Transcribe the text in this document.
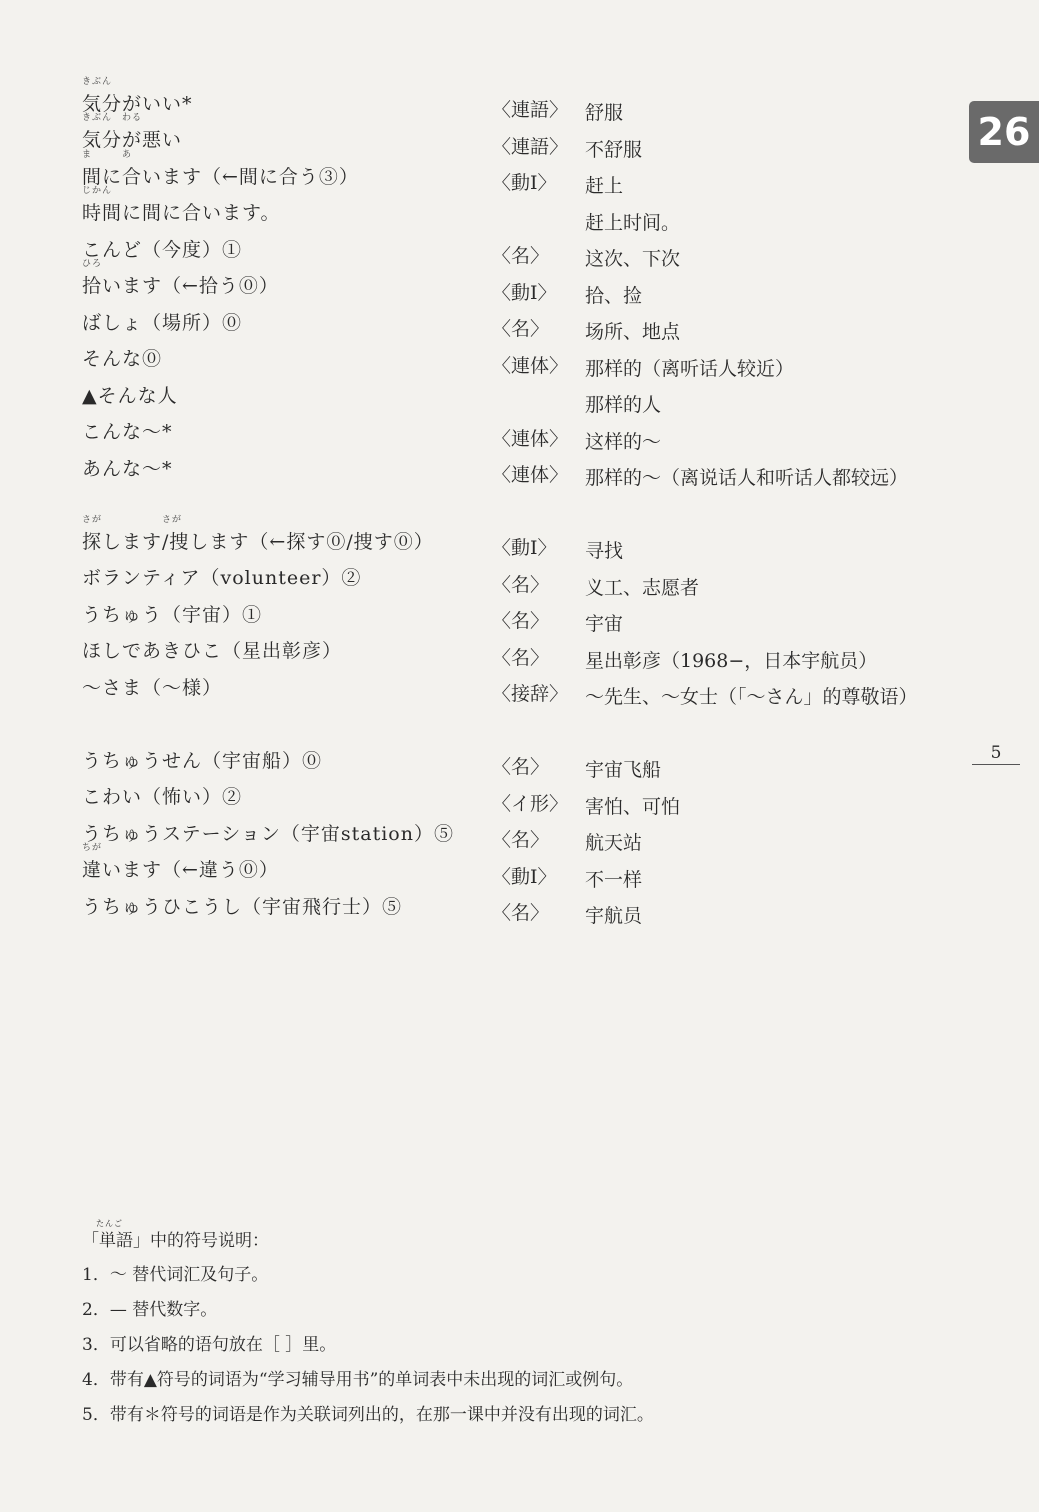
26
きぶん
気分がいい*	〈連語〉 舒服
きぶん　わる
気分が悪い	〈連語〉 不舒服
ま　　　あ
間に合います（←間に合う③）	〈動Ⅰ〉 赶上
じかん
時間に間に合います。	赶上时间。
こんど（今度）①	〈名〉 这次、下次
ひろ
拾います（←拾う⓪）	〈動Ⅰ〉 拾、捡
ばしょ（場所）⓪	〈名〉 场所、地点
そんな⓪	〈連体〉 那样的（离听话人较近）
▲そんな人	那样的人
こんな〜*	〈連体〉 这样的〜
あんな〜*	〈連体〉 那样的〜（离说话人和听话人都较远）
さが　　　　　　さが
探します/捜します（←探す⓪/捜す⓪）	〈動Ⅰ〉 寻找
ボランティア（volunteer）②	〈名〉 义工、志愿者
うちゅう（宇宙）①	〈名〉 宇宙
ほしであきひこ（星出彰彦）	〈名〉 星出彰彦（1968−，日本宇航员）
〜さま（〜様）	〈接辞〉 〜先生、〜女士（「〜さん」的尊敬语）
うちゅうせん（宇宙船）⓪	〈名〉 宇宙飞船
こわい（怖い）②	〈イ形〉 害怕、可怕
うちゅうステーション（宇宙station）⑤ 〈名〉 航天站
ちが
違います（←違う⓪）	〈動Ⅰ〉 不一样
うちゅうひこうし（宇宙飛行士）⑤	〈名〉 宇航员
5
たんご
「単語」中的符号说明：
1．〜 替代词汇及句子。
2．— 替代数字。
3．可以省略的语句放在［ ］里。
4．带有▲符号的词语为“学习辅导用书”的单词表中未出现的词汇或例句。
5．带有＊符号的词语是作为关联词列出的，在那一课中并没有出现的词汇。
